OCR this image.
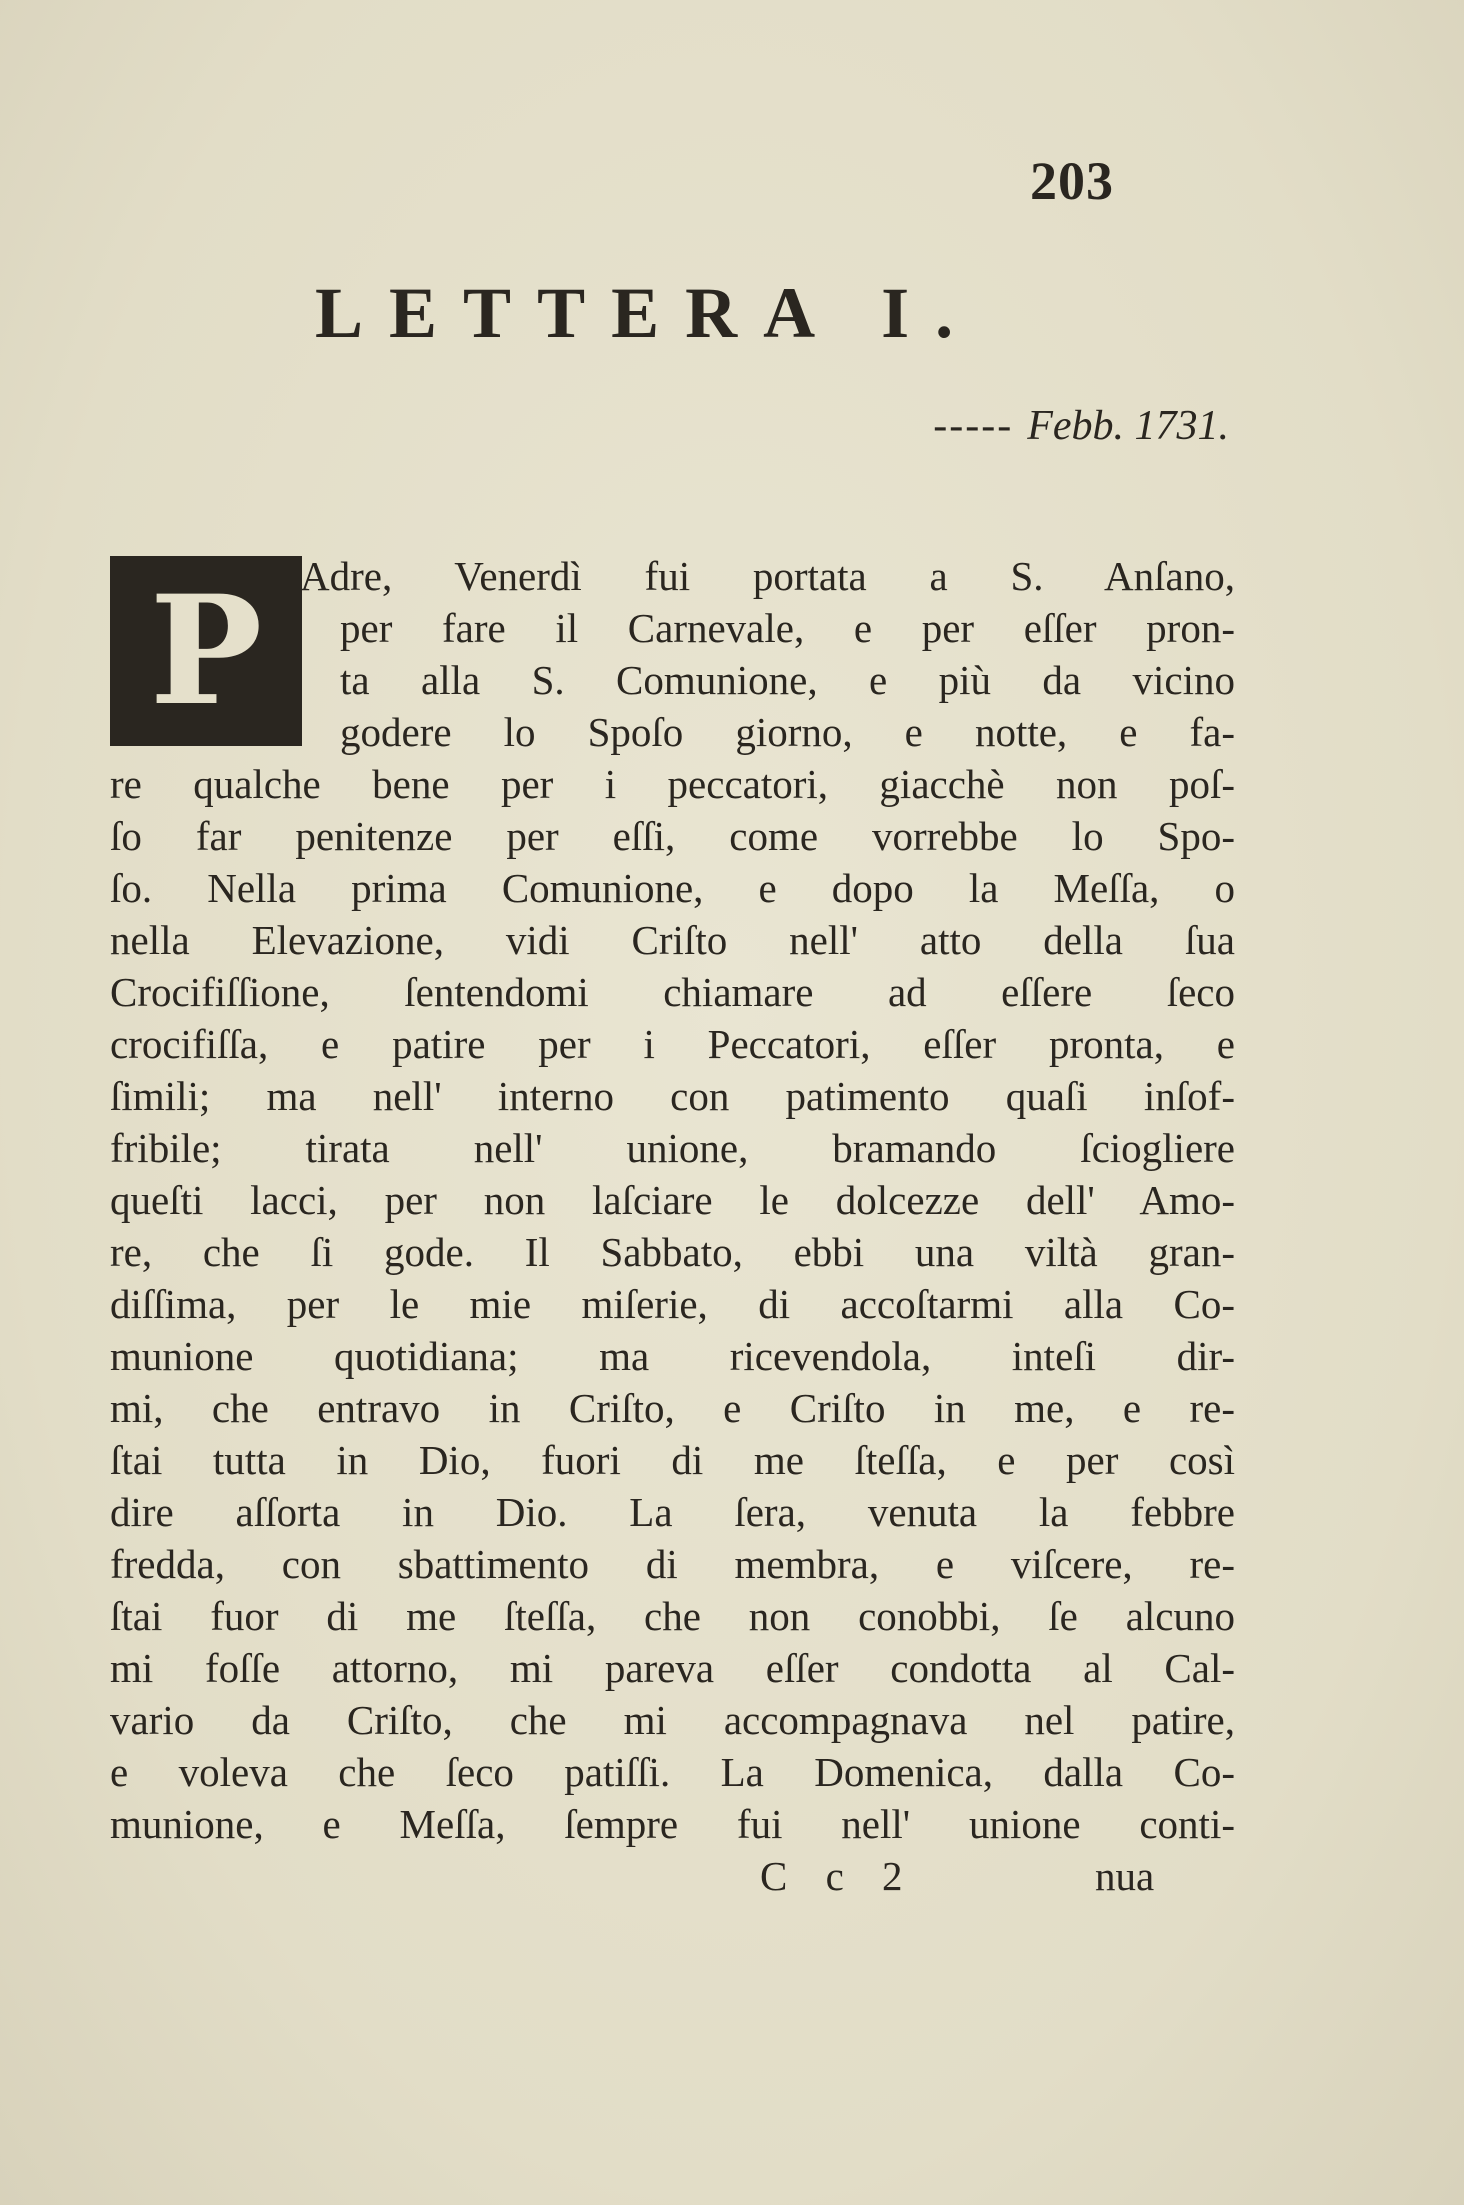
203
LETTERA I.
----- Febb. 1731.
P Adre, Venerdì fui portata a S. Anſano,
per fare il Carnevale, e per eſſer pron-
ta alla S. Comunione, e più da vicino
godere lo Spoſo giorno, e notte, e fa-
re qualche bene per i peccatori, giacchè non poſ-
ſo far penitenze per eſſi, come vorrebbe lo Spo-
ſo. Nella prima Comunione, e dopo la Meſſa, o
nella Elevazione, vidi Criſto nell' atto della ſua
Crocifiſſione, ſentendomi chiamare ad eſſere ſeco
crocifiſſa, e patire per i Peccatori, eſſer pronta, e
ſimili; ma nell' interno con patimento quaſi inſof-
fribile; tirata nell' unione, bramando ſciogliere
queſti lacci, per non laſciare le dolcezze dell' Amo-
re, che ſi gode. Il Sabbato, ebbi una viltà gran-
diſſima, per le mie miſerie, di accoſtarmi alla Co-
munione quotidiana; ma ricevendola, inteſi dir-
mi, che entravo in Criſto, e Criſto in me, e re-
ſtai tutta in Dio, fuori di me ſteſſa, e per così
dire aſſorta in Dio. La ſera, venuta la febbre
fredda, con sbattimento di membra, e viſcere, re-
ſtai fuor di me ſteſſa, che non conobbi, ſe alcuno
mi foſſe attorno, mi pareva eſſer condotta al Cal-
vario da Criſto, che mi accompagnava nel patire,
e voleva che ſeco patiſſi. La Domenica, dalla Co-
munione, e Meſſa, ſempre fui nell' unione conti-
C c 2	nua
